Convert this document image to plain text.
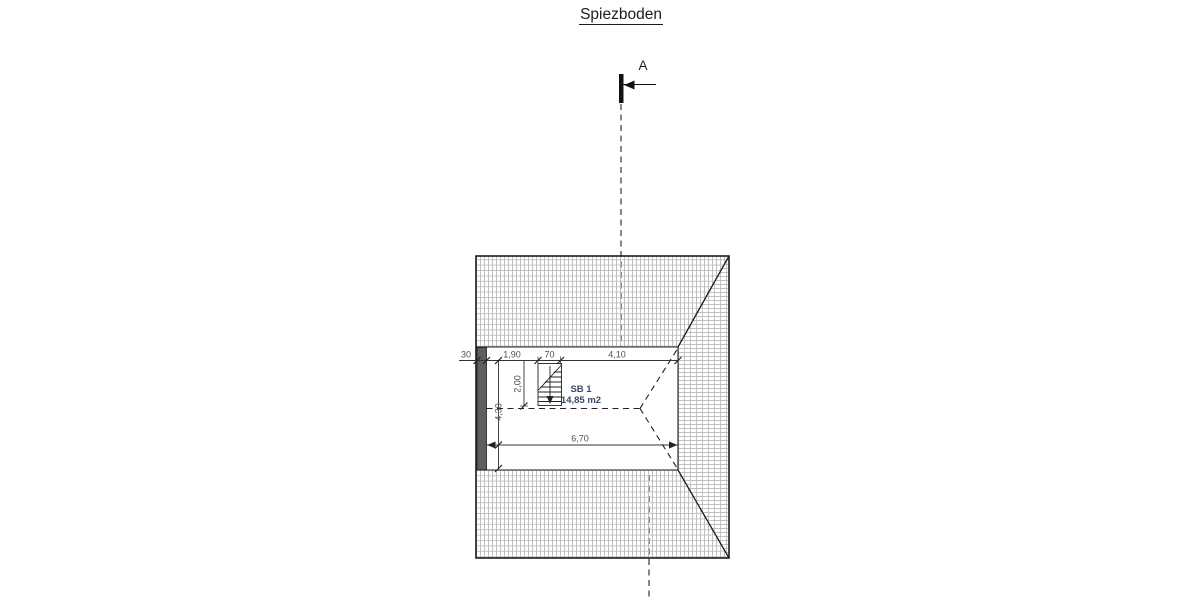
Spiezboden
A
SB 1
14,85 m2
30	1,90	70	4,10
2,00
4,30
6,70
